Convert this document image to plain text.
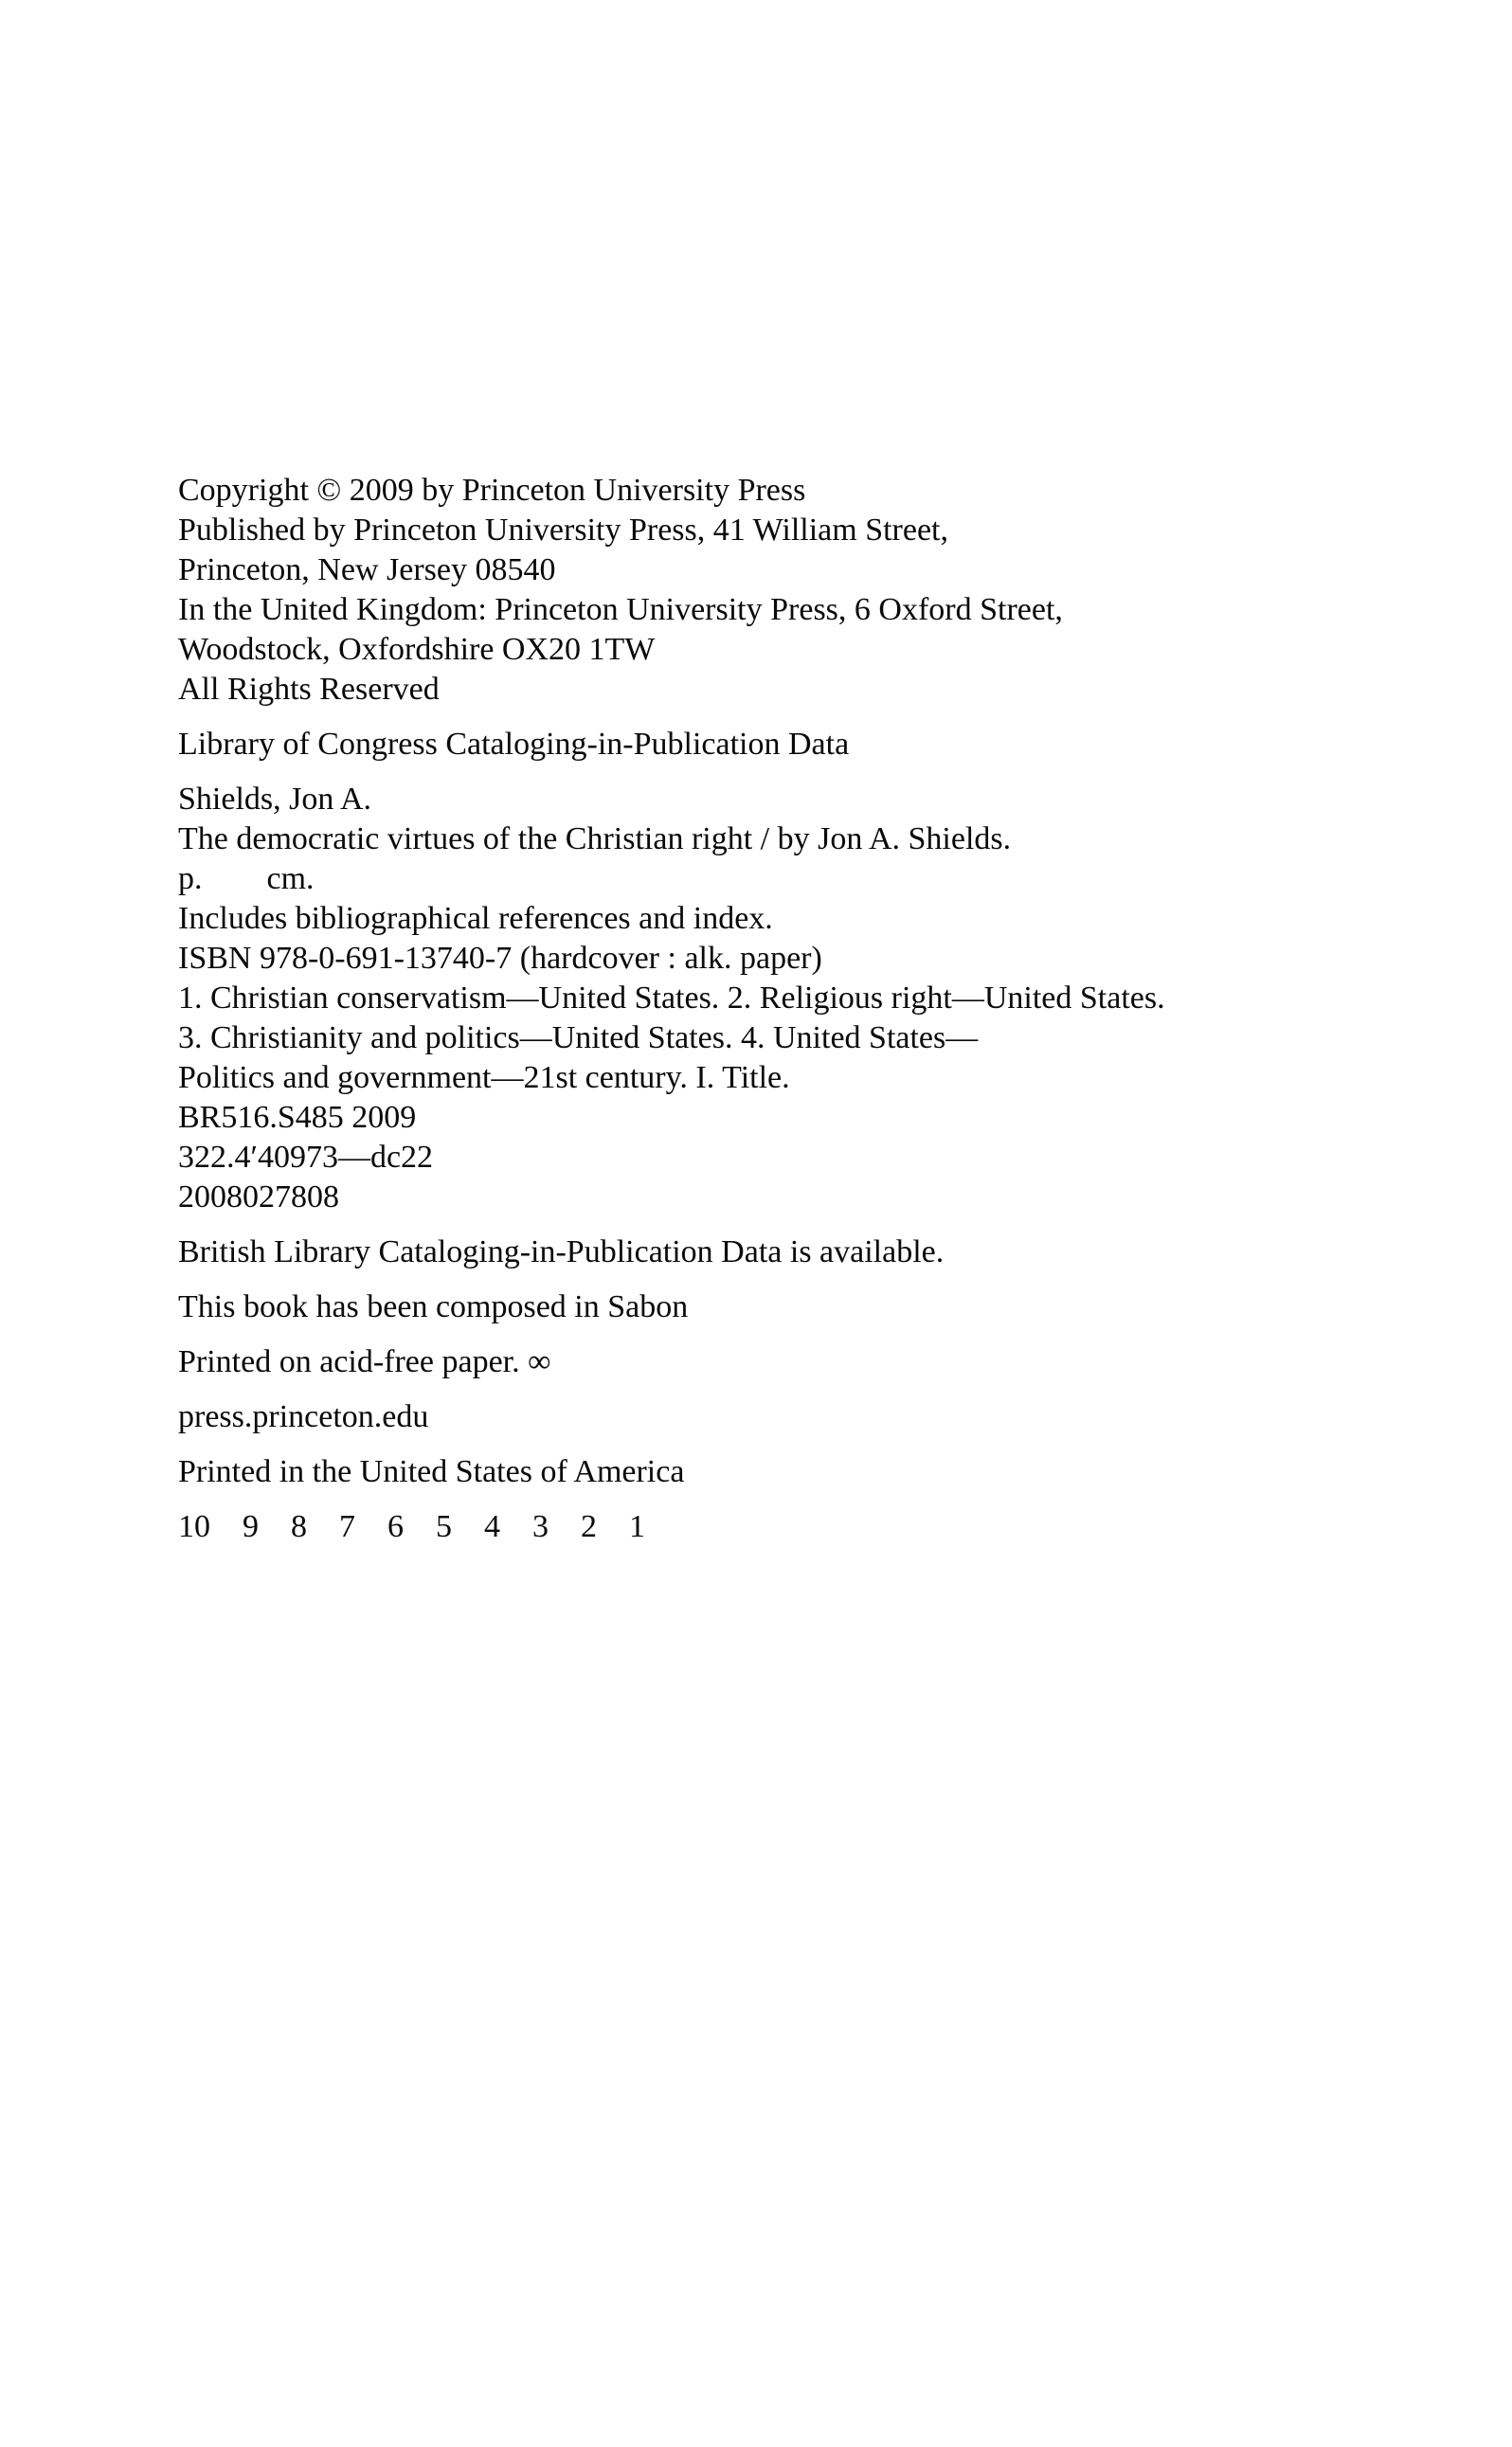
Copyright © 2009 by Princeton University Press

Published by Princeton University Press, 41 William Street,

Princeton, New Jersey 08540

In the United Kingdom: Princeton University Press, 6 Oxford Street,

Woodstock, Oxfordshire OX20 1TW

All Rights Reserved

Library of Congress Cataloging-in-Publication Data

Shields, Jon A.

The democratic virtues of the Christian right / by Jon A. Shields.

p.        cm.

Includes bibliographical references and index.

ISBN 978-0-691-13740-7 (hardcover : alk. paper)

1. Christian conservatism—United States. 2. Religious right—United States.

3. Christianity and politics—United States. 4. United States—

Politics and government—21st century. I. Title.

BR516.S485 2009

322.4′40973—dc22

2008027808

British Library Cataloging-in-Publication Data is available.

This book has been composed in Sabon

Printed on acid-free paper. ∞

press.princeton.edu

Printed in the United States of America

10    9    8    7    6    5    4    3    2    1
